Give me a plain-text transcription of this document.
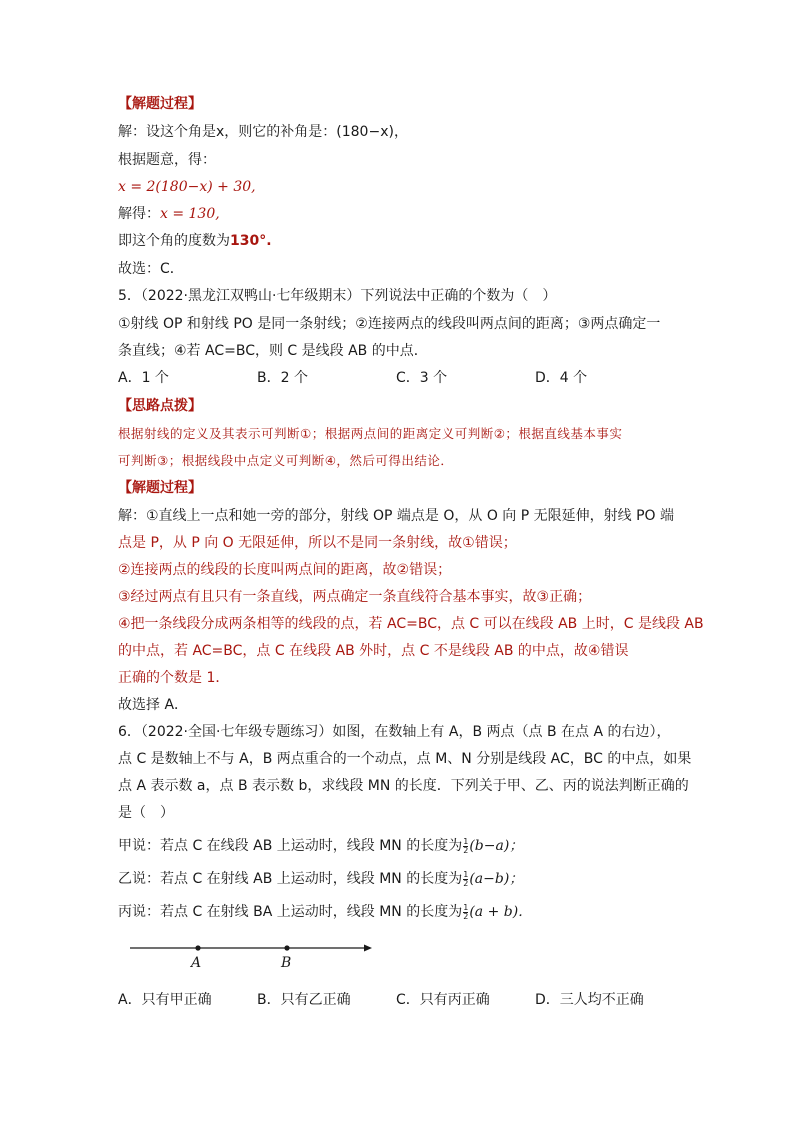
【解题过程】
解：设这个角是x，则它的补角是：(180−x)，
根据题意，得：
x = 2(180−x) + 30,
解得：x = 130,
即这个角的度数为130°.
故选：C．
5．（2022·黑龙江双鸭山·七年级期末）下列说法中正确的个数为（　）
①射线 OP 和射线 PO 是同一条射线；②连接两点的线段叫两点间的距离；③两点确定一
条直线；④若 AC=BC，则 C 是线段 AB 的中点．
A．1 个	B．2 个	C．3 个	D．4 个
【思路点拨】
根据射线的定义及其表示可判断①；根据两点间的距离定义可判断②；根据直线基本事实
可判断③；根据线段中点定义可判断④，然后可得出结论．
【解题过程】
解：①直线上一点和她一旁的部分，射线 OP 端点是 O，从 O 向 P 无限延伸，射线 PO 端
点是 P，从 P 向 O 无限延伸，所以不是同一条射线，故①错误；
②连接两点的线段的长度叫两点间的距离，故②错误；
③经过两点有且只有一条直线，两点确定一条直线符合基本事实，故③正确；
④把一条线段分成两条相等的线段的点，若 AC=BC，点 C 可以在线段 AB 上时，C 是线段 AB
的中点，若 AC=BC，点 C 在线段 AB 外时，点 C 不是线段 AB 的中点，故④错误
正确的个数是 1．
故选择 A．
6．（2022·全国·七年级专题练习）如图，在数轴上有 A，B 两点（点 B 在点 A 的右边），
点 C 是数轴上不与 A，B 两点重合的一个动点，点 M、N 分别是线段 AC，BC 的中点，如果
点 A 表示数 a，点 B 表示数 b，求线段 MN 的长度．下列关于甲、乙、丙的说法判断正确的
是（　）
甲说：若点 C 在线段 AB 上运动时，线段 MN 的长度为 $\frac{1}{2} (b-a)$；
乙说：若点 C 在射线 AB 上运动时，线段 MN 的长度为 $\frac{1}{2} (a-b)$；
丙说：若点 C 在射线 BA 上运动时，线段 MN 的长度为 $\frac{1}{2} (a + b)$．
A	B
A．只有甲正确	B．只有乙正确	C．只有丙正确	D．三人均不正确
